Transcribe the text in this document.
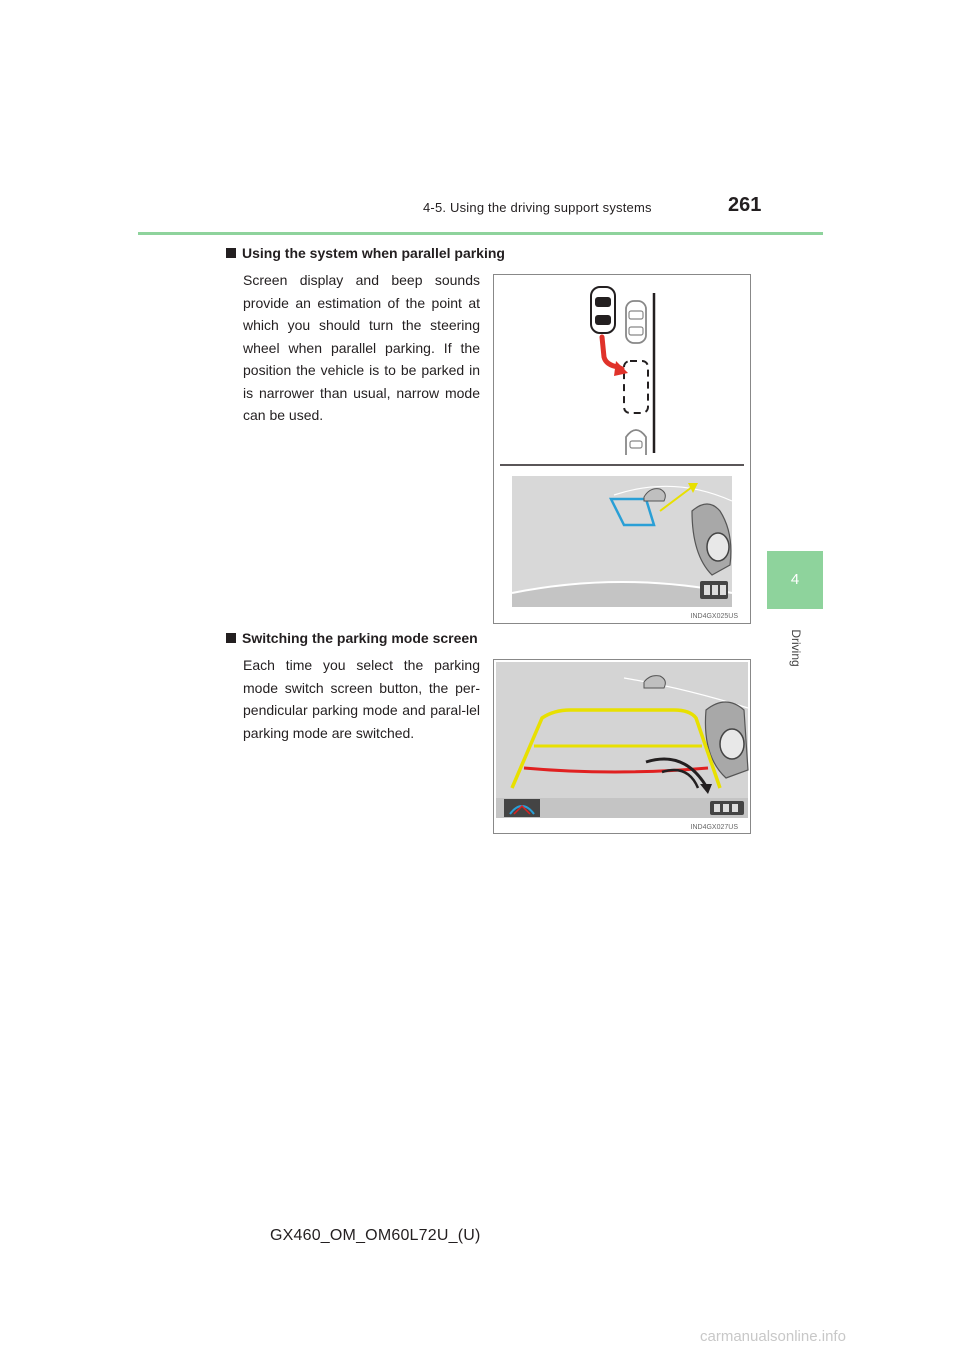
4-5. Using the driving support systems	261
4
Driving
Using the system when parallel parking
Screen display and beep sounds provide an estimation of the point at which you should turn the steering wheel when parallel parking. If the position the vehicle is to be parked in is narrower than usual, narrow mode can be used.
IND4GX025US
Switching the parking mode screen
Each time you select the parking mode switch screen button, the per-pendicular parking mode and paral-lel parking mode are switched.
IND4GX027US
GX460_OM_OM60L72U_(U)
carmanualsonline.info
